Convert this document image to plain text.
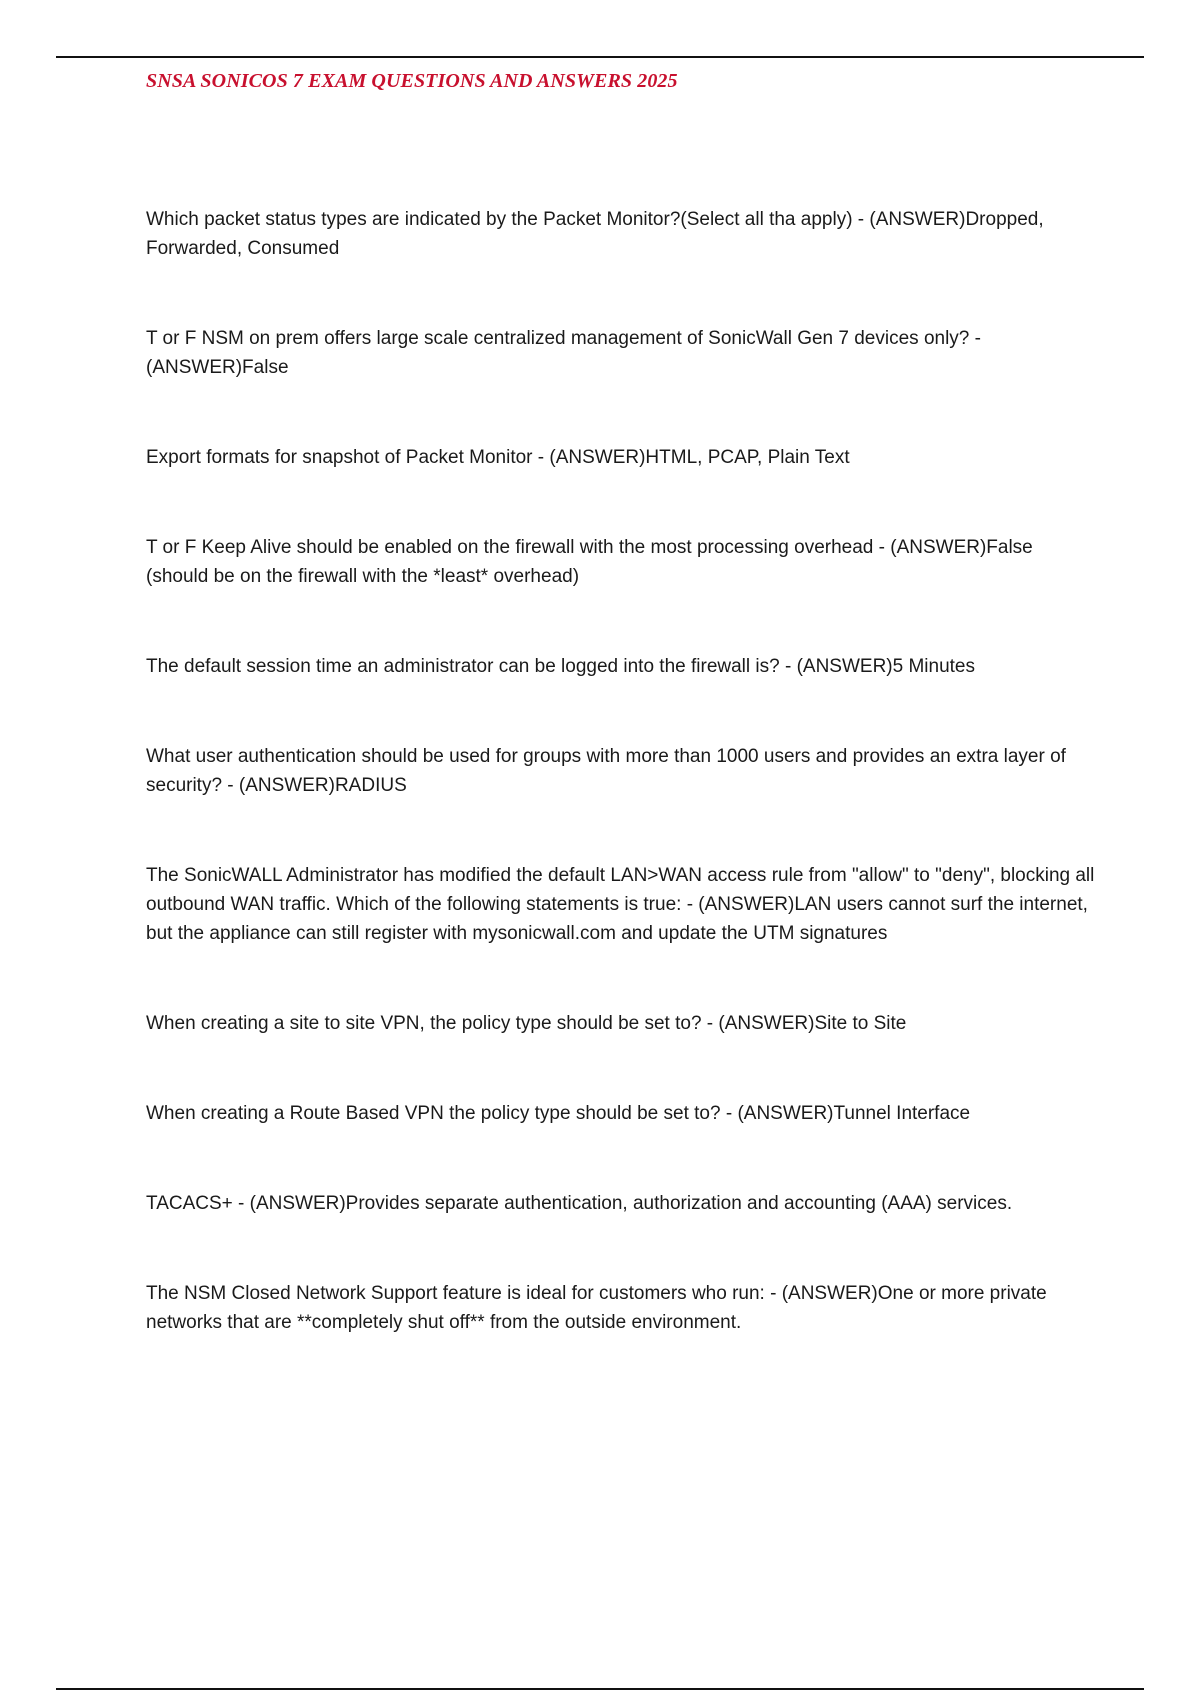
SNSA SONICOS 7 EXAM QUESTIONS AND ANSWERS 2025
Which packet status types are indicated by the Packet Monitor?(Select all tha apply) - (ANSWER)Dropped, Forwarded, Consumed
T or F NSM on prem offers large scale centralized management of SonicWall Gen 7 devices only? - (ANSWER)False
Export formats for snapshot of Packet Monitor - (ANSWER)HTML, PCAP, Plain Text
T or F Keep Alive should be enabled on the firewall with the most processing overhead - (ANSWER)False (should be on the firewall with the *least* overhead)
The default session time an administrator can be logged into the firewall is? - (ANSWER)5 Minutes
What user authentication should be used for groups with more than 1000 users and provides an extra layer of security? - (ANSWER)RADIUS
The SonicWALL Administrator has modified the default LAN>WAN access rule from "allow" to "deny", blocking all outbound WAN traffic. Which of the following statements is true: - (ANSWER)LAN users cannot surf the internet, but the appliance can still register with mysonicwall.com and update the UTM signatures
When creating a site to site VPN, the policy type should be set to? - (ANSWER)Site to Site
When creating a Route Based VPN the policy type should be set to? - (ANSWER)Tunnel Interface
TACACS+ - (ANSWER)Provides separate authentication, authorization and accounting (AAA) services.
The NSM Closed Network Support feature is ideal for customers who run: - (ANSWER)One or more private networks that are **completely shut off** from the outside environment.
